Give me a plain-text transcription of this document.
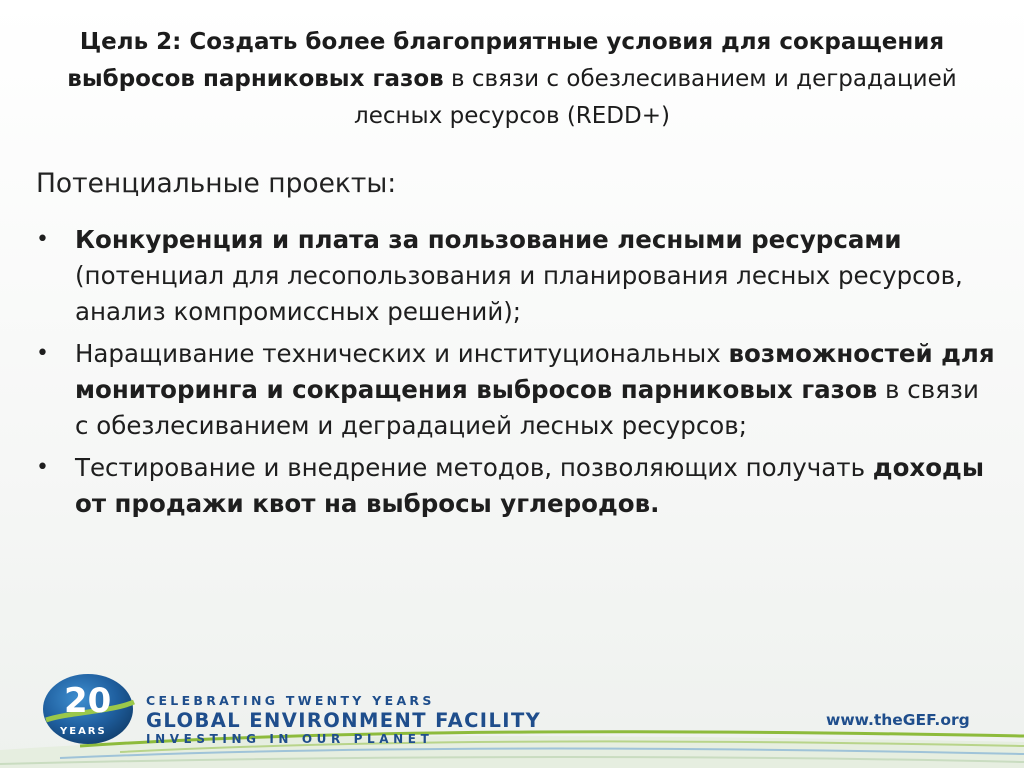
Цель 2: Создать более благоприятные условия для сокращения выбросов парниковых газов в связи с обезлесиванием и деградацией лесных ресурсов (REDD+)
Потенциальные проекты:
• Конкуренция и плата за пользование лесными ресурсами (потенциал для лесопользования и планирования лесных ресурсов, анализ компромиссных решений);
• Наращивание технических и институциональных возможностей для мониторинга и сокращения выбросов парниковых газов в связи с обезлесиванием и деградацией лесных ресурсов;
• Тестирование и внедрение методов, позволяющих получать доходы от продажи квот на выбросы углеродов.
20
YEARS
CELEBRATING TWENTY YEARS
GLOBAL ENVIRONMENT FACILITY
INVESTING IN OUR PLANET
www.theGEF.org
